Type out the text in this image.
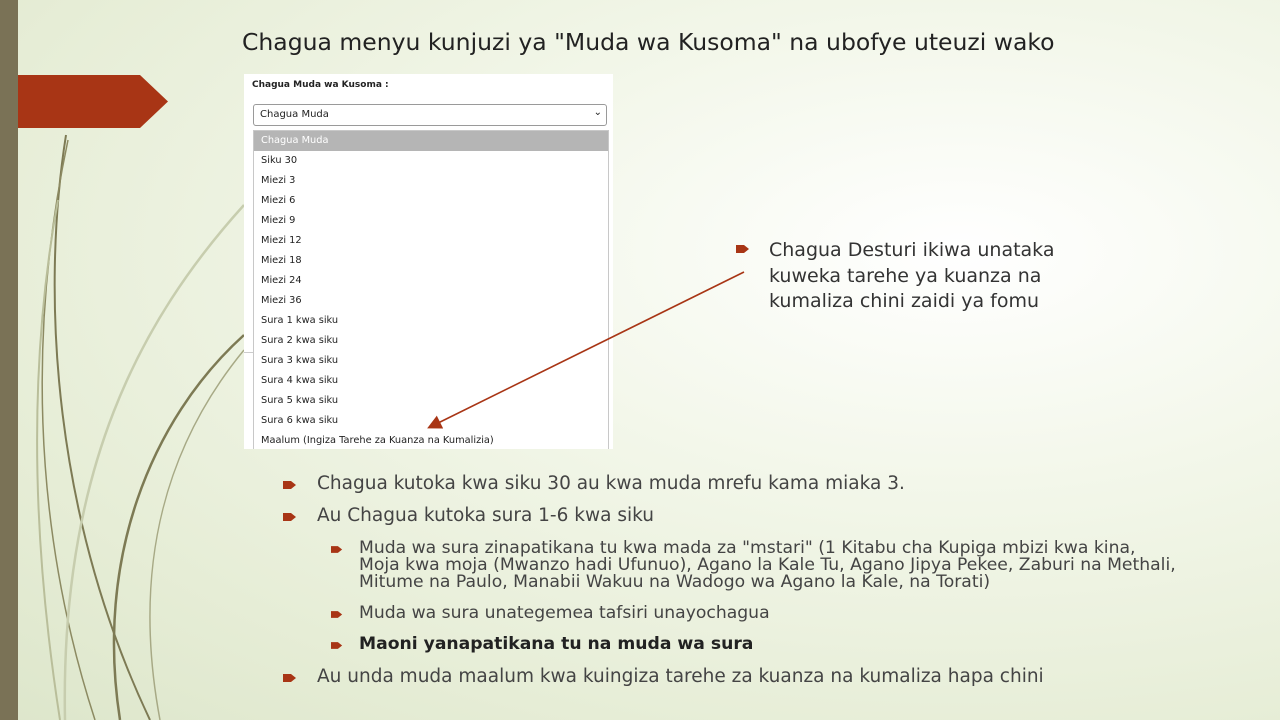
Chagua menyu kunjuzi ya "Muda wa Kusoma" na ubofye uteuzi wako
Chagua Muda wa Kusoma :
Chagua Muda	⌄
Chagua Muda
Siku 30
Miezi 3
Miezi 6
Miezi 9
Miezi 12
Miezi 18
Miezi 24
Miezi 36
Sura 1 kwa siku
Sura 2 kwa siku
Sura 3 kwa siku
Sura 4 kwa siku
Sura 5 kwa siku
Sura 6 kwa siku
Maalum (Ingiza Tarehe za Kuanza na Kumalizia)
Chagua Desturi ikiwa unataka kuweka tarehe ya kuanza na kumaliza chini zaidi ya fomu
Chagua kutoka kwa siku 30 au kwa muda mrefu kama miaka 3.
Au Chagua kutoka sura 1-6 kwa siku
Muda wa sura zinapatikana tu kwa mada za "mstari" (1 Kitabu cha Kupiga mbizi kwa kina, Moja kwa moja (Mwanzo hadi Ufunuo), Agano la Kale Tu, Agano Jipya Pekee, Zaburi na Methali, Mitume na Paulo, Manabii Wakuu na Wadogo wa Agano la Kale, na Torati)
Muda wa sura unategemea tafsiri unayochagua
Maoni yanapatikana tu na muda wa sura
Au unda muda maalum kwa kuingiza tarehe za kuanza na kumaliza hapa chini
